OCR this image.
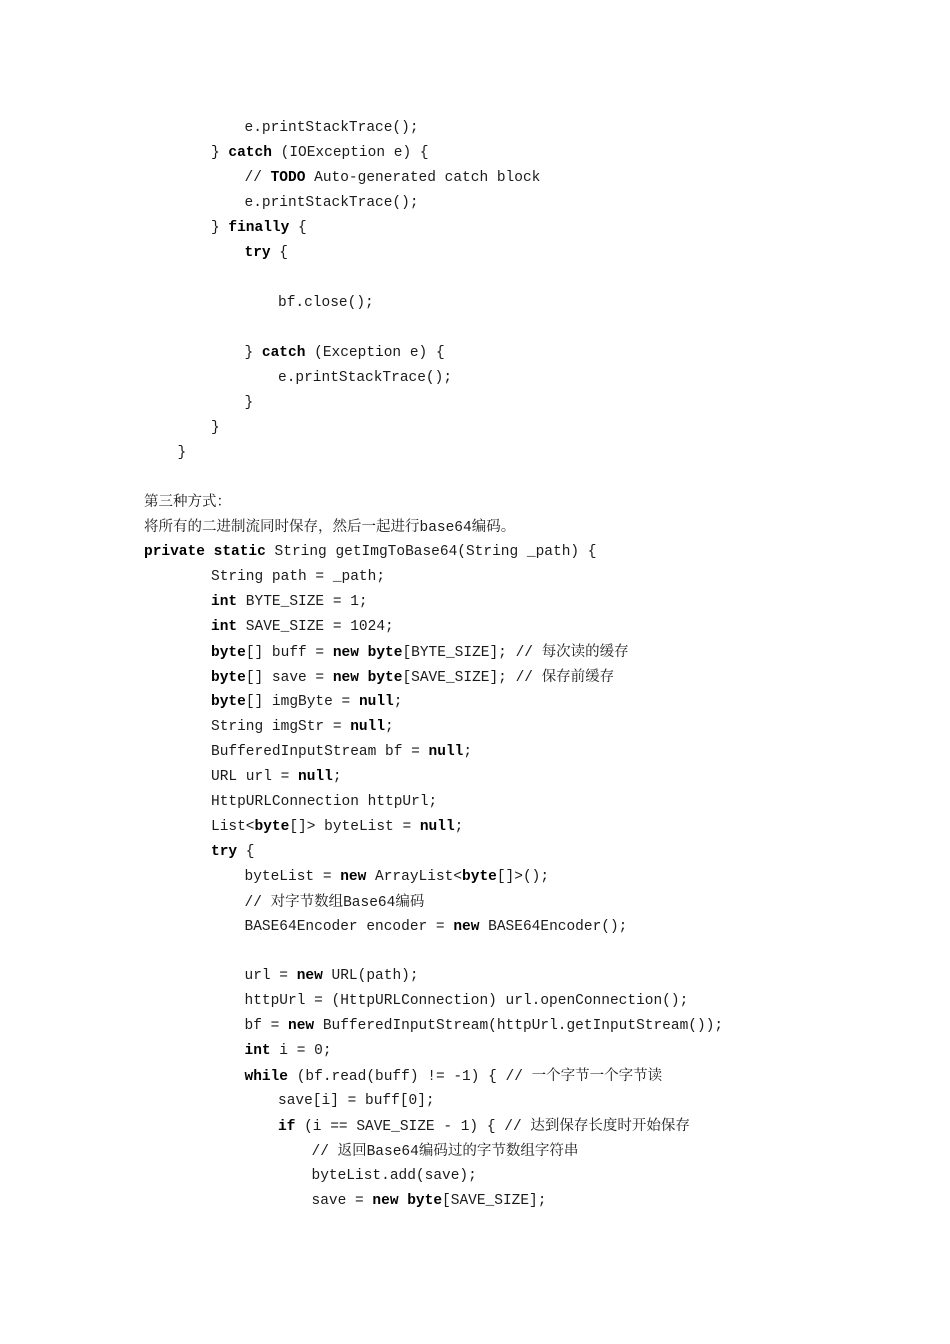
e.printStackTrace();
} catch (IOException e) {
// TODO Auto-generated catch block
e.printStackTrace();
} finally {
try {
bf.close();
} catch (Exception e) {
e.printStackTrace();
}
}
}
第三种方式：
将所有的二进制流同时保存，然后一起进行base64编码。
private static String getImgToBase64(String _path) {
String path = _path;
int BYTE_SIZE = 1;
int SAVE_SIZE = 1024;
byte[] buff = new byte[BYTE_SIZE]; // 每次读的缓存
byte[] save = new byte[SAVE_SIZE]; // 保存前缓存
byte[] imgByte = null;
String imgStr = null;
BufferedInputStream bf = null;
URL url = null;
HttpURLConnection httpUrl;
List<byte[]> byteList = null;
try {
byteList = new ArrayList<byte[]>();
// 对字节数组Base64编码
BASE64Encoder encoder = new BASE64Encoder();
url = new URL(path);
httpUrl = (HttpURLConnection) url.openConnection();
bf = new BufferedInputStream(httpUrl.getInputStream());
int i = 0;
while (bf.read(buff) != -1) { // 一个字节一个字节读
save[i] = buff[0];
if (i == SAVE_SIZE - 1) { // 达到保存长度时开始保存
// 返回Base64编码过的字节数组字符串
byteList.add(save);
save = new byte[SAVE_SIZE];
